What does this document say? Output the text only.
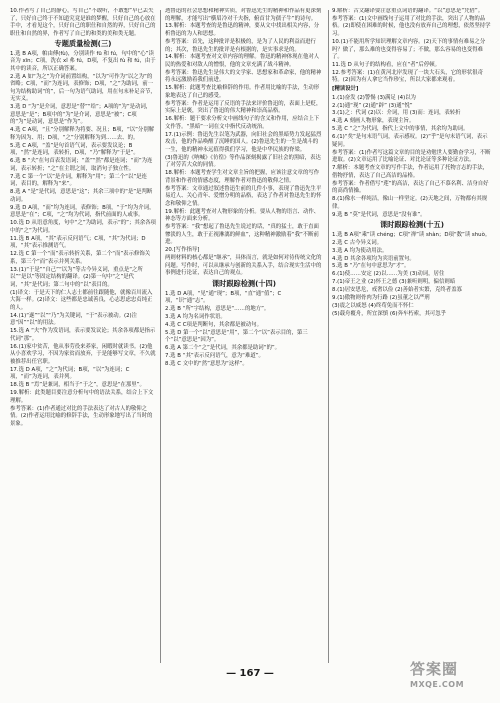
10.作者写了自己的静心，写自己“不敢听，不敢想”早已丢失了，只好自己终于不知道究竟是谁的梦醒，只好自己的心放在手中，才看见这个，只好自己的职仕和自然的界，只好自己的职仕和自然的界，作者写了自己的和类的美和类无题。

专题质量检测(三)

1.选 B A项，帕由傅(fù)，分别读作 fū 和 fú，句中的“心”读音为 xīn；C项，洗衣 xǐ 弗 fú，D项，不复出 fù 和 fú，由于其中的读音，所以正确答案。

2.选 A 如“为之”为介词前置结构，“以为”可作为“以之为”的省略；C项，“而”为连词，表修饰；D项，“之”为助词，前一句为结构助词“的”，后一句为语气助词，用在句末补足音节，无实义。

3.选 D “为”是介词，意思是“替”“给”；A项的“为”是动词，意思是“是”；B项中的“为”是介词，意思是“被”；C项的“为”是动词，意思是“作为”。

4.选 C A项，“且”分别解释为将要、况且；B项，“以”分别解释为因为、用；D项，“之”分别解释为到……去、的。

5.选 C A项，“盖”是句首语气词，表示要发议论；B项，“然”是连词，表转折，D项，“乃”解释为“于是”。

6.选 B “夫”在句首表发语词；“盖”“然”都是连词；“而”为连词，表示转折；“之”在主谓之间，取消句子独立性。

7.选 C 第一个“以”是介词，解释为“用”；第二个“以”是连词，表目的，解释为“来”。

8.选 A “是”是代词，意思是“这”；其余三项中的“是”是判断动词。

9.选 D A项，“而”均为连词，表修饰；B项，“于”均为介词，意思是“在”；C项，“之”均为代词，指代前面的人或事。

10.选 D 从语意角度，句中“之”为助词，表示“的”；其余各项中的“之”为代词。

11.选 B A项，“其”表示反问语气；C项，“其”为代词；D项，“其”表示推测语气。

12.选 C 第一个“而”表示转折关系，第二个“而”表示修饰关系，第三个“而”表示并列关系。

13.(1)“于是”“自己”“以为”等古今异义词，重点是“之所以”“是以”等固定结构的翻译。(2)第一句中“之”是代词，“其”是代词；第二句中的“以”表目的。

(1)译文：于是天下的仁人志士都前往跟随他，就像百川流入大海一样。(2)译文：这些都是忠诚善良，心志思虑忠贞纯正的人。

14.(1)“遂”“以”“乃”为关键词，“于”表示被动。(2)注意“因”“以”的用法。

15.选 A “夫”作为发语词，表示要发议论；其余各项都是指示代词“那”。

16.(1)家中贫苦，他从事劳役来养家，闲暇时就读书。(2)他从小喜欢学习，不因为家贫而放弃，于是能够写文章，不久就被推荐出任官职。

17.选 D A项，“之”为代词；B项，“以”为连词；C项，“而”为连词，表并列。

18.选 B “焉”是兼词，相当于“于之”，意思是“在那里”。

19.解析：此类题目要注意分析句中的语法关系，结合上下文理解。

参考答案：(1)作者通过对比的手法表达了对古人的敬仰之情。(2)作者运用比喻的修辞手法，生动形象地写出了当时的景象。

透鲁迅的社会思想和精神实质，对鲁迅先生的精神和作品有更深刻的理解，才能写出“横眉冷对千夫指，俯首甘为孺子牛”的诗句。

13.解析：本题考查的是鲁迅的精神，要从文中找出相关内容，分析鲁迅的为人和思想。

参考答案：首先，这种批评是积极的，是为了人民的利益而进行的；其次，鲁迅先生的批评是有根据的，是实事求是的。

14.解析：本题考查对文章内容的理解。鲁迅的精神体现在他对人民的热爱和对敌人的憎恨，他的文章充满了战斗精神。

参考答案：鲁迅先生是伟大的文学家、思想家和革命家，他的精神将永远激励着我们前进。

15.解析：此题考查比喻修辞的作用。作者用比喻的手法，生动形象地表达了自己的感受。

参考答案：作者是运用了反语的手法来评价鲁迅的，表面上是贬，实际上是褒，突出了鲁迅的伟大精神和崇高品格。

16.解析：题干要求分析文中画线句子的含义和作用，应结合上下文作答。“黑暗”一词在文中指代反动统治。

17.(1)示例：鲁迅先生以笔为武器，向旧社会的黑暗势力发起猛烈攻击，他的作品唤醒了沉睡的国人。(2)鲁迅先生的一生是战斗的一生，他的精神永远值得我们学习，他是中华民族的脊梁。

(3)鲁迅的《呐喊》《彷徨》等作品深刻揭露了旧社会的黑暗，表达了对劳苦大众的同情。

18.解析：本题考查学生对文章主旨的把握，应该注意文章的写作背景和作者的情感态度，理解作者对鲁迅的敬仰之情。

参考答案：文章通过叙述鲁迅生前的几件小事，表现了鲁迅先生平易近人、关心青年、爱憎分明的品格，表达了作者对鲁迅先生的怀念和敬仰之情。

19.解析：此题考查对人物形象的分析。要从人物的语言、动作、神态等方面来分析。

参考答案：“我”想起了鲁迅先生说过的话，“真的猛士，敢于直面惨淡的人生，敢于正视淋漓的鲜血”，这种精神激励着“我”不断前进。

20.[写作指导]

两则材料的核心都是“继承”，具体而言，就是如何对待传统文化的问题。写作时，可以从继承与创新的关系入手，结合现实生活中的事例进行论证，表达自己的观点。

课时跟踪检测(十四)

1.选 D A项，“见”通“现”；B项，“直”通“值”；C项，“识”通“志”。

2.选 B “所”字结构，意思是“……的地方”。

3.选 A 均为名词作状语。

4.选 C C项是判断句，其余都是被动句。

5.选 D 第一个“以”意思是“用”，第二个“以”表示目的，第三个“以”意思是“因为”。

6.选 A 第二个“之”是代词，其余都是助词“的”。

7.选 B “其”表示反问语气，意为“难道”。

8.选 C 文中的“然”意思为“这样”。

9.解析：古文翻译要注意重点词语的翻译。“以”意思是“凭借”。

参考答案：(1)文中画线句子运用了对比的手法，突出了人物的品格。(2)即使在困难的时候，他也没有放弃自己的理想，依然坚持学习。

10.(1)不能用所学知识理解文章内容。(2)天下的事情有难易之分吗？做了，那么难的也变得容易了；不做，那么容易的也变得难了。

11.选 D 从句子的结构看，应在“者”后停顿。

12.参考答案：(1)在黄河北岸发现了一块大石头，它的形状很奇特。(2)因为有人拿它当作珍宝，所以大家都来观看。

[精读设计]

1.(1)奋发 (2)警惕 (3)满足 (4)以为

2.(1)通“现” (2)通“辟” (3)通“悦”

3.(1)之：代词 (2)以：介词，用 (3)而：连词，表转折

4.选 A 刻画人物形象，表现主旨。

5.选 C “之”为代词，指代上文中的事情，其余均为助词。

6.(1)“矣”是句末语气词，表示感叹。(2)“乎”是句末语气词，表示疑问。

参考答案：(1)作者写这篇文章的目的是劝勉世人要勤奋学习，不断进取。(2)文章运用了比喻论证、对比论证等多种论证方法。

7.解析：本题考查文章的写作手法，作者运用了托物言志的手法，借物抒情，表达了自己高洁的品格。

参考答案：作者借写“莲”的高洁，表达了自己不慕名利、洁身自好的高尚情操。

8.(1)像水一样纯洁，像山一样坚定。(2)天地之间，万物都有其规律。

9.选 B “莫”是代词，意思是“没有谁”。

课时跟踪检测(十五)

1.选 B A项“乘”读 chéng；C项“禅”读 shàn；D项“数”读 shuò。

2.选 C 古今异义词。

3.选 A 均为使动用法。

4.选 D 其余各项均为宾语前置句。

5.选 B “乃”在句中意思为“才”。

6.(1)使……安定 (2)以……为美 (3)动词，居住

7.(1)帝王之业 (2)怀王之德 (3)兼听则明，偏信则暗

8.(1)居安思危，戒奢以俭 (2)善始者实繁，克终者盖寡

9.(1)傲物则骨肉为行路 (2)虽董之以严刑

(3)震之以威怒 (4)终苟免而不怀仁

(5)载舟覆舟，所宜深慎 (6)奔车朽索，其可忽乎

— 167 —	答案圈
MXQE.COM
